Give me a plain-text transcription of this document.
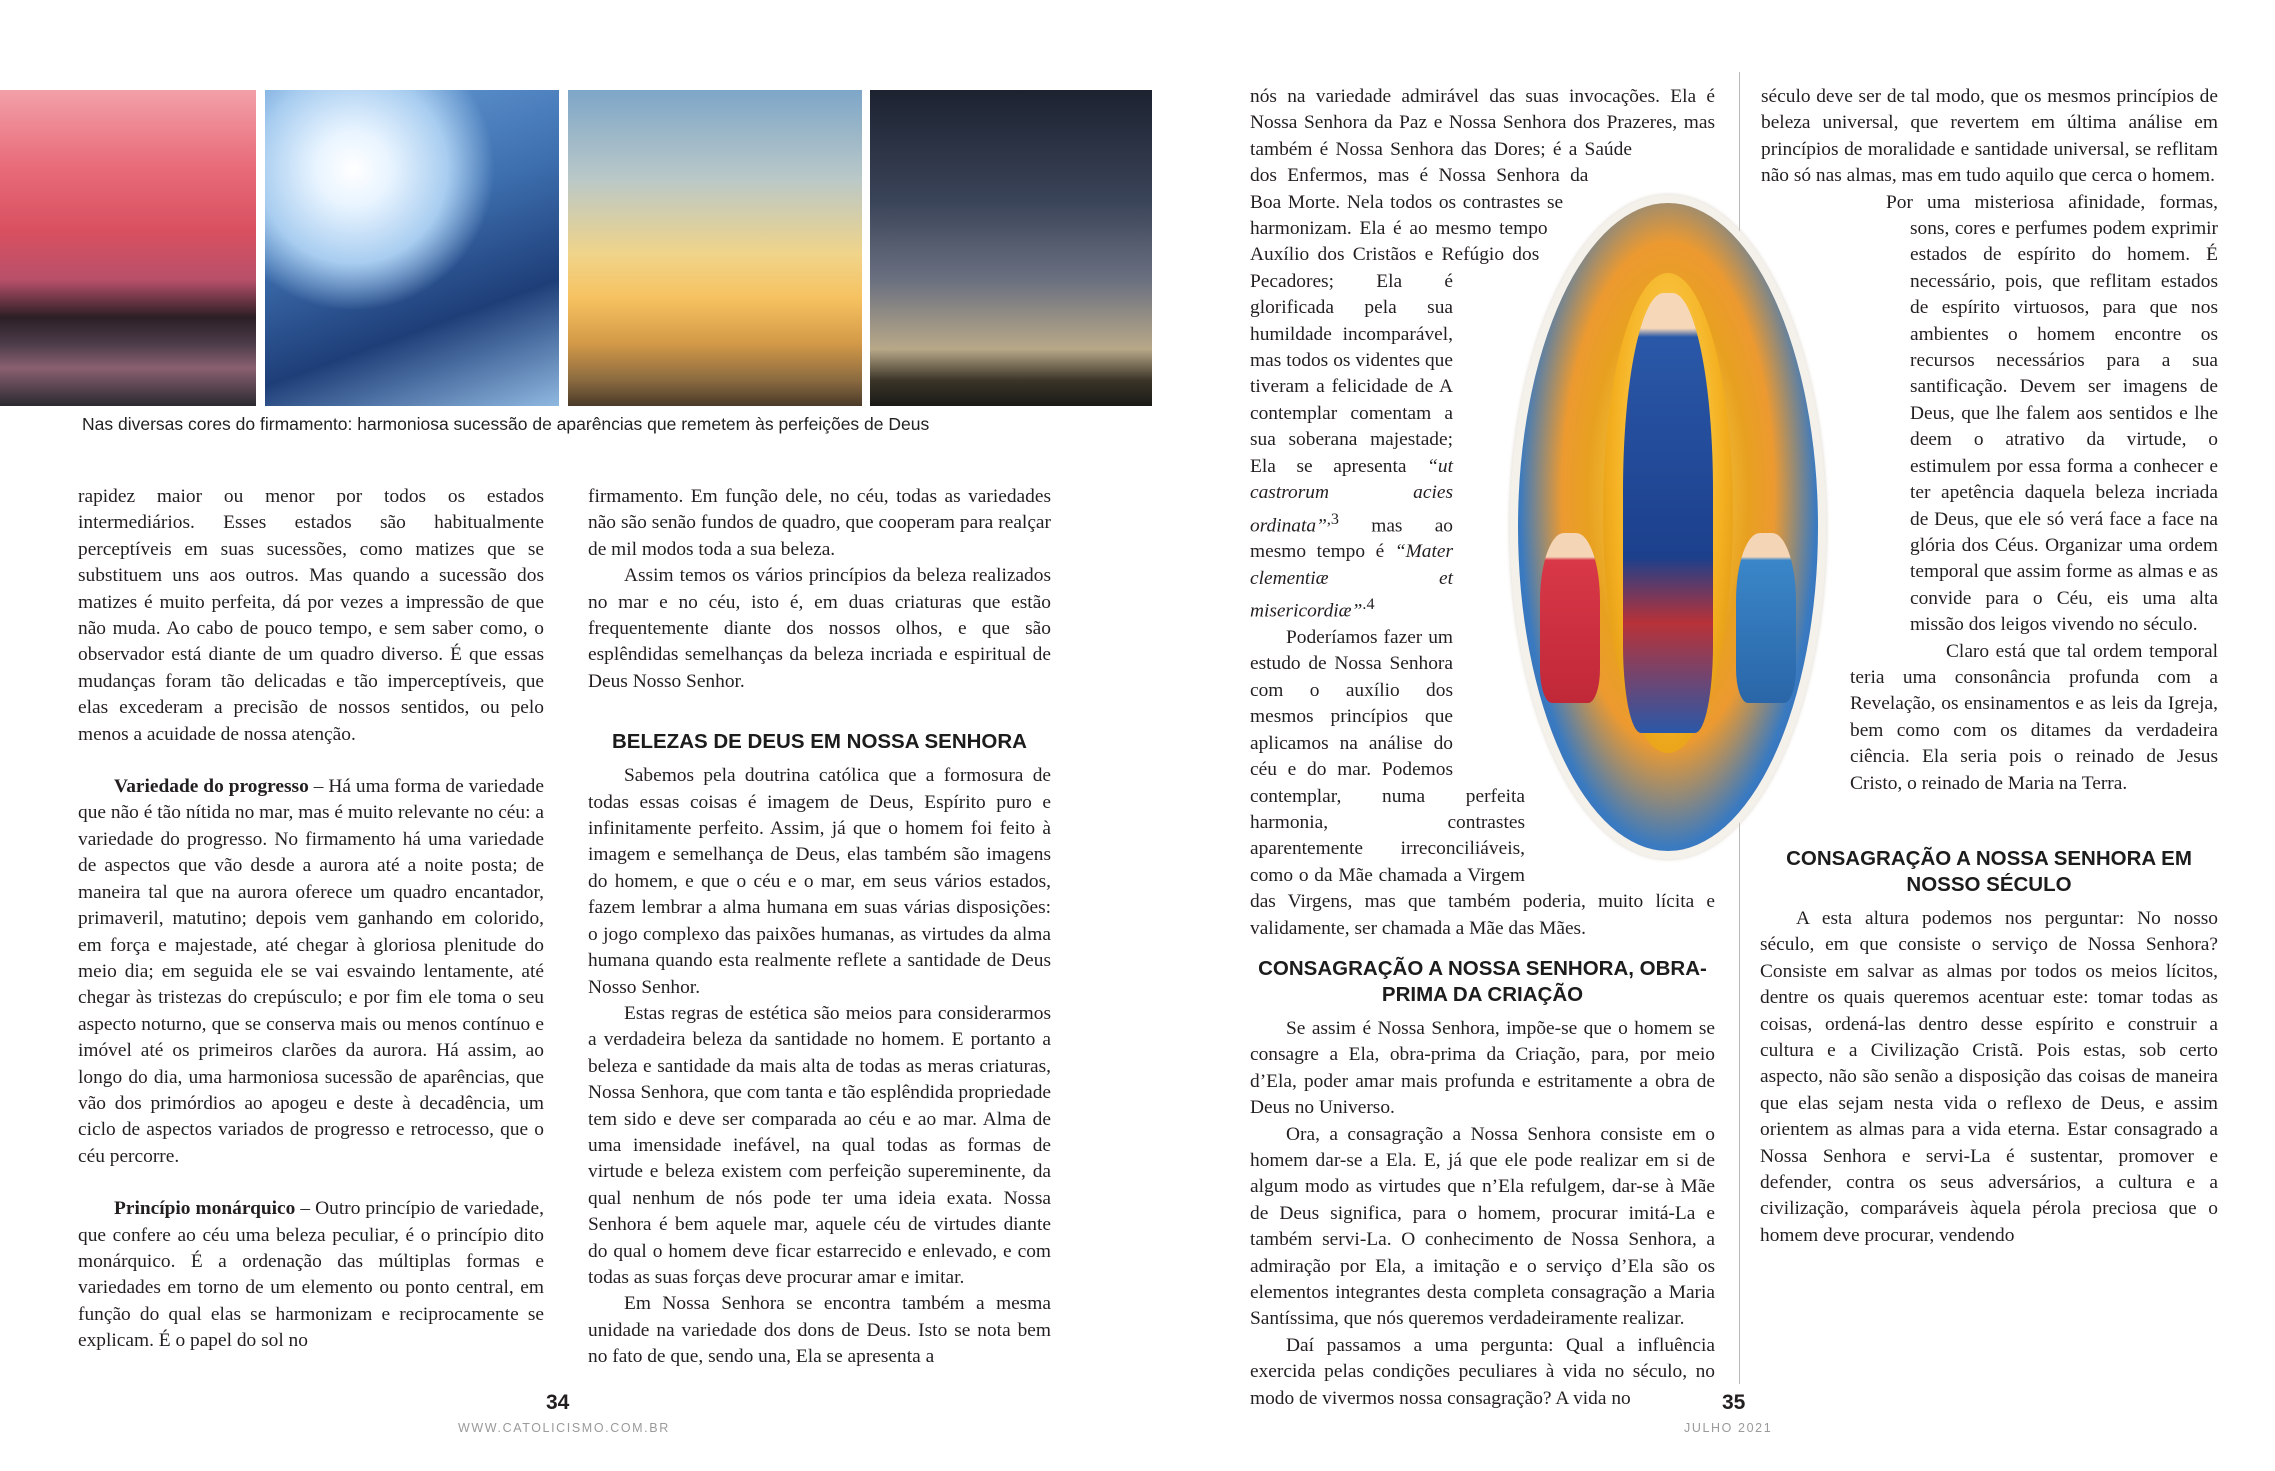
Nas diversas cores do firmamento: harmoniosa sucessão de aparências que remetem às perfeições de Deus

rapidez maior ou menor por todos os estados intermediários. Esses estados são habitualmente perceptíveis em suas sucessões, como matizes que se substituem uns aos outros. Mas quando a sucessão dos matizes é muito perfeita, dá por vezes a impressão de que não muda. Ao cabo de pouco tempo, e sem saber como, o observador está diante de um quadro diverso. É que essas mudanças foram tão delicadas e tão imperceptíveis, que elas excederam a precisão de nossos sentidos, ou pelo menos a acuidade de nossa atenção.

Variedade do progresso – Há uma forma de variedade que não é tão nítida no mar, mas é muito relevante no céu: a variedade do progresso. No firmamento há uma variedade de aspectos que vão desde a aurora até a noite posta; de maneira tal que na aurora oferece um quadro encantador, primaveril, matutino; depois vem ganhando em colorido, em força e majestade, até chegar à gloriosa plenitude do meio dia; em seguida ele se vai esvaindo lentamente, até chegar às tristezas do crepúsculo; e por fim ele toma o seu aspecto noturno, que se conserva mais ou menos contínuo e imóvel até os primeiros clarões da aurora. Há assim, ao longo do dia, uma harmoniosa sucessão de aparências, que vão dos primórdios ao apogeu e deste à decadência, um ciclo de aspectos variados de progresso e retrocesso, que o céu percorre.

Princípio monárquico – Outro princípio de variedade, que confere ao céu uma beleza peculiar, é o princípio dito monárquico. É a ordenação das múltiplas formas e variedades em torno de um elemento ou ponto central, em função do qual elas se harmonizam e reciprocamente se explicam. É o papel do sol no

firmamento. Em função dele, no céu, todas as variedades não são senão fundos de quadro, que cooperam para realçar de mil modos toda a sua beleza.

Assim temos os vários princípios da beleza realizados no mar e no céu, isto é, em duas criaturas que estão frequentemente diante dos nossos olhos, e que são esplêndidas semelhanças da beleza incriada e espiritual de Deus Nosso Senhor.

BELEZAS DE DEUS EM NOSSA SENHORA

Sabemos pela doutrina católica que a formosura de todas essas coisas é imagem de Deus, Espírito puro e infinitamente perfeito. Assim, já que o homem foi feito à imagem e semelhança de Deus, elas também são imagens do homem, e que o céu e o mar, em seus vários estados, fazem lembrar a alma humana em suas várias disposições: o jogo complexo das paixões humanas, as virtudes da alma humana quando esta realmente reflete a santidade de Deus Nosso Senhor.

Estas regras de estética são meios para considerarmos a verdadeira beleza da santidade no homem. E portanto a beleza e santidade da mais alta de todas as meras criaturas, Nossa Senhora, que com tanta e tão esplêndida propriedade tem sido e deve ser comparada ao céu e ao mar. Alma de uma imensidade inefável, na qual todas as formas de virtude e beleza existem com perfeição supereminente, da qual nenhum de nós pode ter uma ideia exata. Nossa Senhora é bem aquele mar, aquele céu de virtudes diante do qual o homem deve ficar estarrecido e enlevado, e com todas as suas forças deve procurar amar e imitar.

Em Nossa Senhora se encontra também a mesma unidade na variedade dos dons de Deus. Isto se nota bem no fato de que, sendo una, Ela se apresenta a

nós na variedade admirável das suas invocações. Ela é Nossa Senhora da Paz e Nossa Senhora dos Prazeres, mas também é Nossa Senhora das Dores; é a Saúde dos Enfermos, mas é Nossa Senhora da Boa Morte. Nela todos os contrastes se harmonizam. Ela é ao mesmo tempo Auxílio dos Cristãos e Refúgio dos Pecadores; Ela é glorificada pela sua humildade incomparável, mas todos os videntes que tiveram a felicidade de A contemplar comentam a sua soberana majestade; Ela se apresenta “ut castrorum acies ordinata”$^{,3}$ mas ao mesmo tempo é “Mater clementiæ et misericordiæ”$^{.4}$

Poderíamos fazer um estudo de Nossa Senhora com o auxílio dos mesmos princípios que aplicamos na análise do céu e do mar. Podemos contemplar, numa perfeita harmonia, contrastes aparentemente irreconciliáveis, como o da Mãe chamada a Virgem das Virgens, mas que também poderia, muito lícita e validamente, ser chamada a Mãe das Mães.

CONSAGRAÇÃO A NOSSA SENHORA, OBRA-PRIMA DA CRIAÇÃO

Se assim é Nossa Senhora, impõe-se que o homem se consagre a Ela, obra-prima da Criação, para, por meio d’Ela, poder amar mais profunda e estritamente a obra de Deus no Universo.

Ora, a consagração a Nossa Senhora consiste em o homem dar-se a Ela. E, já que ele pode realizar em si de algum modo as virtudes que n’Ela refulgem, dar-se à Mãe de Deus significa, para o homem, procurar imitá-La e também servi-La. O conhecimento de Nossa Senhora, a admiração por Ela, a imitação e o serviço d’Ela são os elementos integrantes desta completa consagração a Maria Santíssima, que nós queremos verdadeiramente realizar.

Daí passamos a uma pergunta: Qual a influência exercida pelas condições peculiares à vida no século, no modo de vivermos nossa consagração? A vida no

século deve ser de tal modo, que os mesmos princípios de beleza universal, que revertem em última análise em princípios de moralidade e santidade universal, se reflitam não só nas almas, mas em tudo aquilo que cerca o homem.

Por uma misteriosa afinidade, formas, sons, cores e perfumes podem exprimir estados de espírito do homem. É necessário, pois, que reflitam estados de espírito virtuosos, para que nos ambientes o homem encontre os recursos necessários para a sua santificação. Devem ser imagens de Deus, que lhe falem aos sentidos e lhe deem o atrativo da virtude, o estimulem por essa forma a conhecer e ter apetência daquela beleza incriada de Deus, que ele só verá face a face na glória dos Céus. Organizar uma ordem temporal que assim forme as almas e as convide para o Céu, eis uma alta missão dos leigos vivendo no século.

Claro está que tal ordem temporal teria uma consonância profunda com a Revelação, os ensinamentos e as leis da Igreja, bem como com os ditames da verdadeira ciência. Ela seria pois o reinado de Jesus Cristo, o reinado de Maria na Terra.

CONSAGRAÇÃO A NOSSA SENHORA EM NOSSO SÉCULO

A esta altura podemos nos perguntar: No nosso século, em que consiste o serviço de Nossa Senhora? Consiste em salvar as almas por todos os meios lícitos, dentre os quais queremos acentuar este: tomar todas as coisas, ordená-las dentro desse espírito e construir a cultura e a Civilização Cristã. Pois estas, sob certo aspecto, não são senão a disposição das coisas de maneira que elas sejam nesta vida o reflexo de Deus, e assim orientem as almas para a vida eterna. Estar consagrado a Nossa Senhora e servi-La é sustentar, promover e defender, contra os seus adversários, a cultura e a civilização, comparáveis àquela pérola preciosa que o homem deve procurar, vendendo

34
WWW.CATOLICISMO.COM.BR
35
JULHO 2021
